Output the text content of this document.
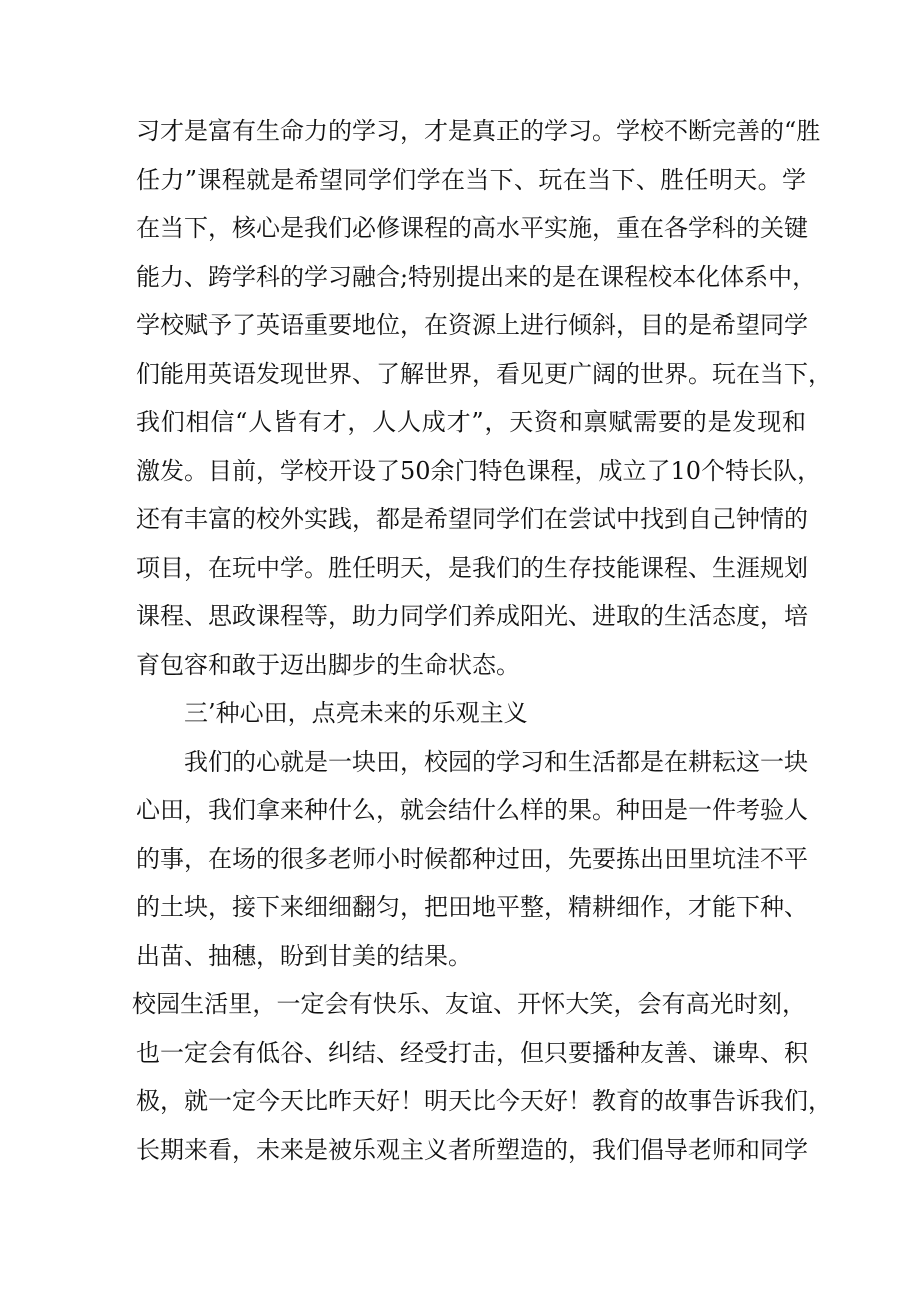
习才是富有生命力的学习，才是真正的学习。学校不断完善的“胜
任力”课程就是希望同学们学在当下、玩在当下、胜任明天。学
在当下，核心是我们必修课程的高水平实施，重在各学科的关键
能力、跨学科的学习融合;特别提出来的是在课程校本化体系中，
学校赋予了英语重要地位，在资源上进行倾斜，目的是希望同学
们能用英语发现世界、了解世界，看见更广阔的世界。玩在当下，
我们相信“人皆有才，人人成才”，天资和禀赋需要的是发现和
激发。目前，学校开设了50余门特色课程，成立了10个特长队，
还有丰富的校外实践，都是希望同学们在尝试中找到自己钟情的
项目，在玩中学。胜任明天，是我们的生存技能课程、生涯规划
课程、思政课程等，助力同学们养成阳光、进取的生活态度，培
育包容和敢于迈出脚步的生命状态。
三’种心田，点亮未来的乐观主义
我们的心就是一块田，校园的学习和生活都是在耕耘这一块
心田，我们拿来种什么，就会结什么样的果。种田是一件考验人
的事，在场的很多老师小时候都种过田，先要拣出田里坑洼不平
的土块，接下来细细翻匀，把田地平整，精耕细作，才能下种、
出苗、抽穗，盼到甘美的结果。
校园生活里，一定会有快乐、友谊、开怀大笑，会有高光时刻，
也一定会有低谷、纠结、经受打击，但只要播种友善、谦卑、积
极，就一定今天比昨天好！明天比今天好！教育的故事告诉我们，
长期来看，未来是被乐观主义者所塑造的，我们倡导老师和同学
